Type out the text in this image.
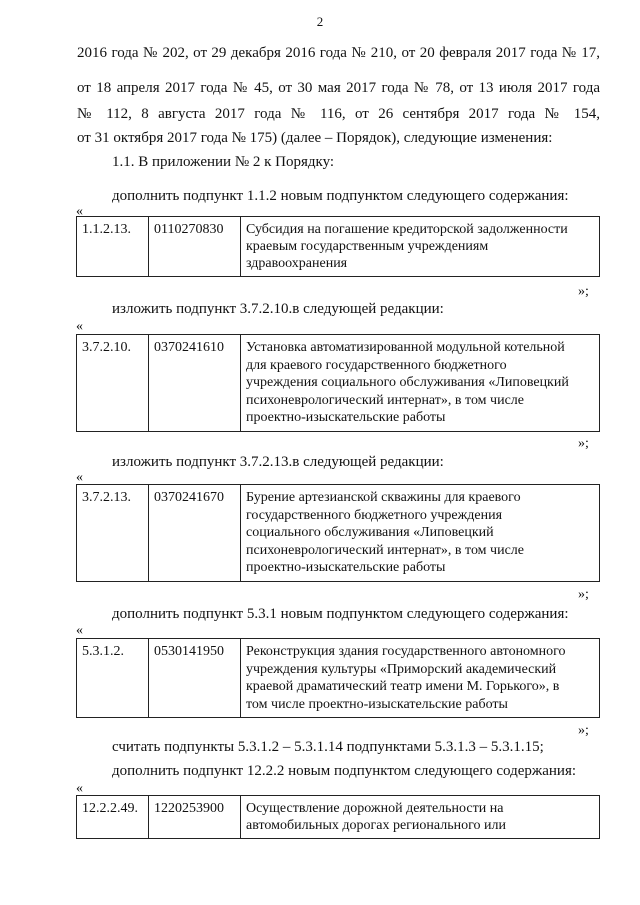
2
2016 года № 202, от 29 декабря 2016 года № 210, от 20 февраля 2017 года № 17,
от 18 апреля 2017 года № 45, от 30 мая 2017 года № 78, от 13 июля 2017 года
№ 112, 8 августа 2017 года № 116, от 26 сентября 2017 года № 154,
от 31 октября 2017 года № 175) (далее – Порядок), следующие изменения:
1.1. В приложении № 2 к Порядку:
дополнить подпункт 1.1.2 новым подпунктом следующего содержания:
«
1.1.2.13.	0110270830	Субсидия на погашение кредиторской задолженности
краевым государственным учреждениям
здравоохранения
»;
изложить подпункт 3.7.2.10.в следующей редакции:
«
3.7.2.10.	0370241610	Установка автоматизированной модульной котельной
для краевого государственного бюджетного
учреждения социального обслуживания «Липовецкий
психоневрологический интернат», в том числе
проектно-изыскательские работы
»;
изложить подпункт 3.7.2.13.в следующей редакции:
«
3.7.2.13.	0370241670	Бурение артезианской скважины для краевого
государственного бюджетного учреждения
социального обслуживания «Липовецкий
психоневрологический интернат», в том числе
проектно-изыскательские работы
»;
дополнить подпункт 5.3.1 новым подпунктом следующего содержания:
«
5.3.1.2.	0530141950	Реконструкция здания государственного автономного
учреждения культуры «Приморский академический
краевой драматический театр имени М. Горького», в
том числе проектно-изыскательские работы
»;
считать подпункты 5.3.1.2 – 5.3.1.14 подпунктами 5.3.1.3 – 5.3.1.15;
дополнить подпункт 12.2.2 новым подпунктом следующего содержания:
«
12.2.2.49.	1220253900	Осуществление дорожной деятельности на
автомобильных дорогах регионального или
